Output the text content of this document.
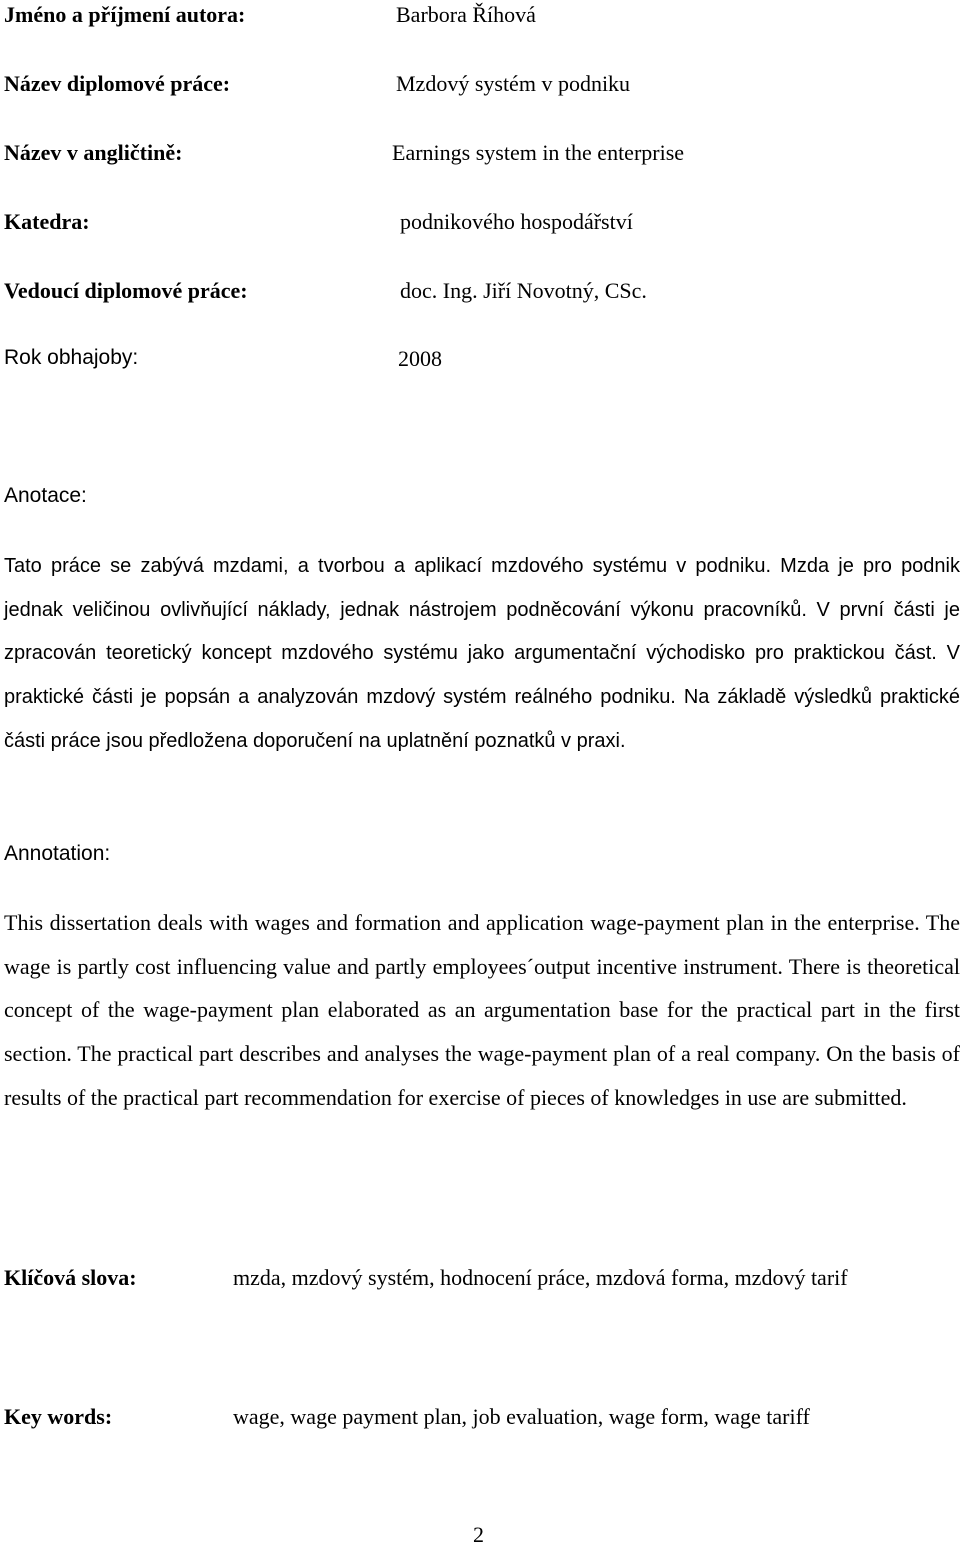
Jméno a příjmení autora:	Barbora Říhová
Název diplomové práce:	Mzdový systém v podniku
Název v angličtině:	Earnings system in the enterprise
Katedra:	podnikového hospodářství
Vedoucí diplomové práce:	doc. Ing. Jiří Novotný, CSc.
Rok obhajoby:	2008
Anotace:

Tato práce se zabývá mzdami, a tvorbou a aplikací mzdového systému v podniku. Mzda je pro podnik jednak veličinou ovlivňující náklady, jednak nástrojem podněcování výkonu pracovníků. V první části je zpracován teoretický koncept mzdového systému jako argumentační východisko pro praktickou část. V praktické části je popsán a analyzován mzdový systém reálného podniku. Na základě výsledků praktické části práce jsou předložena doporučení na uplatnění poznatků v praxi.

Annotation:

This dissertation deals with wages and formation and application wage-payment plan in the enterprise. The wage is partly cost influencing value and partly employees´output incentive instrument. There is theoretical concept of the wage-payment plan elaborated as an argumentation base for the practical part in the first section. The practical part describes and analyses the wage-payment plan of a real company. On the basis of results of the practical part recommendation for exercise of pieces of knowledges in use are submitted.

Klíčová slova:	mzda, mzdový systém, hodnocení práce, mzdová forma, mzdový tarif
Key words:	wage, wage payment plan, job evaluation, wage form, wage tariff
2
